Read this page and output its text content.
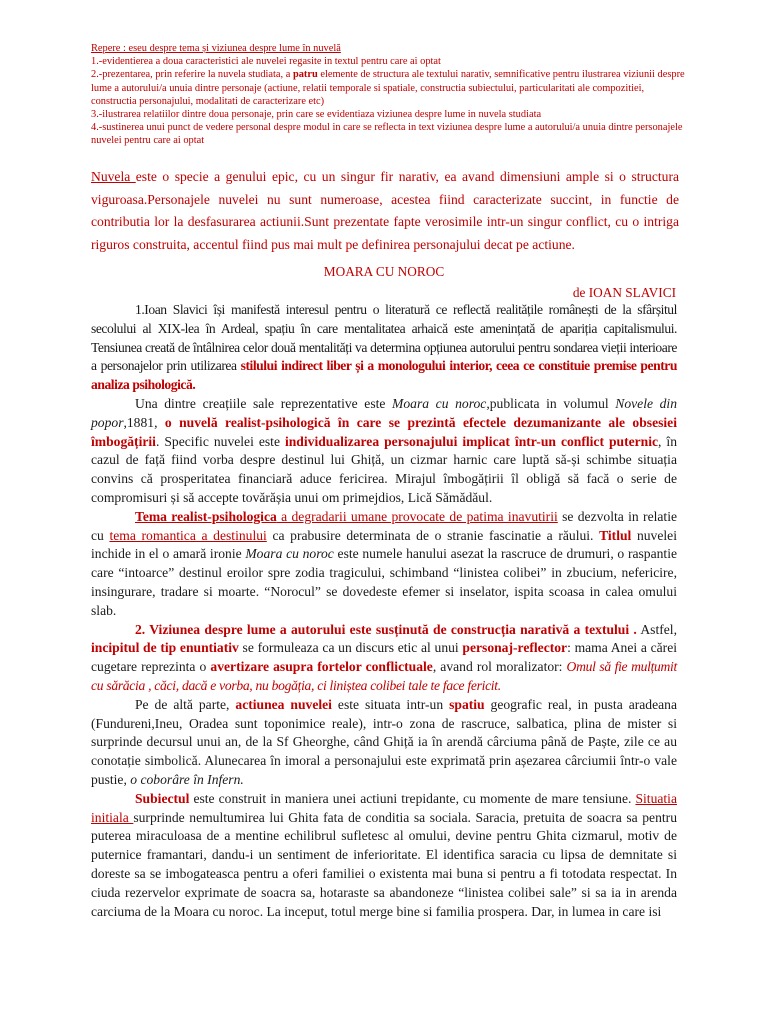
Repere : eseu despre tema și viziunea despre lume în nuvelă

1.-evidentierea a doua caracteristici ale nuvelei regasite in textul pentru care ai optat

2.-prezentarea, prin referire la nuvela studiata, a patru elemente de structura ale textului narativ, semnificative pentru ilustrarea viziunii despre lume a autorului/a unuia dintre personaje (actiune, relatii temporale si spatiale, constructia subiectului, particularitati ale compozitiei, constructia personajului, modalitati de caracterizare etc)

3.-ilustrarea relatiilor dintre doua personaje, prin care se evidentiaza viziunea despre lume in nuvela studiata

4.-sustinerea unui punct de vedere personal despre modul in care se reflecta in text viziunea despre lume a autorului/a unuia dintre personajele nuvelei pentru care ai optat

Nuvela este o specie a genului epic, cu un singur fir narativ, ea avand dimensiuni ample si o structura viguroasa.Personajele nuvelei nu sunt numeroase, acestea fiind caracterizate succint, in functie de contributia lor la desfasurarea actiunii.Sunt prezentate fapte verosimile intr-un singur conflict, cu o intriga riguros construita, accentul fiind pus mai mult pe definirea personajului decat pe actiune.

MOARA CU NOROC
de IOAN SLAVICI

1.Ioan Slavici își manifestă interesul pentru o literatură ce reflectă realitățile românești de la sfârșitul secolului al XIX-lea în Ardeal, spațiu în care mentalitatea arhaică este amenințată de apariția capitalismului. Tensiunea creată de întâlnirea celor două mentalități va determina opțiunea autorului pentru sondarea vieții interioare a personajelor prin utilizarea stilului indirect liber și a monologului interior, ceea ce constituie premise pentru analiza psihologică.

Una dintre creațiile sale reprezentative este Moara cu noroc,publicata in volumul Novele din popor,1881, o nuvelă realist-psihologică în care se prezintă efectele dezumanizante ale obsesiei îmbogățirii. Specific nuvelei este individualizarea personajului implicat într-un conflict puternic, în cazul de față fiind vorba despre destinul lui Ghiță, un cizmar harnic care luptă să-și schimbe situația convins că prosperitatea financiară aduce fericirea. Mirajul îmbogățirii îl obligă să facă o serie de compromisuri și să accepte tovărășia unui om primejdios, Lică Sămădăul.

Tema realist-psihologica a degradarii umane provocate de patima inavutirii se dezvolta in relatie cu tema romantica a destinului ca prabusire determinata de o stranie fascinatie a răului. Titlul nuvelei inchide in el o amară ironie Moara cu noroc este numele hanului asezat la rascruce de drumuri, o raspantie care “intoarce” destinul eroilor spre zodia tragicului, schimband “linistea colibei” in zbucium, nefericire, insingurare, tradare si moarte. “Norocul” se dovedeste efemer si inselator, ispita scoasa in calea omului slab.

2. Viziunea despre lume a autorului este susținută de construcția narativă a textului . Astfel, incipitul de tip enuntiativ se formuleaza ca un discurs etic al unui personaj-reflector: mama Anei a cărei cugetare reprezinta o avertizare asupra fortelor conflictuale, avand rol moralizator: Omul să fie mulțumit cu sărăcia , căci, dacă e vorba, nu bogăția, ci liniștea colibei tale te face fericit.

Pe de altă parte, actiunea nuvelei este situata intr-un spatiu geografic real, in pusta aradeana (Fundureni,Ineu, Oradea sunt toponimice reale), intr-o zona de rascruce, salbatica, plina de mister si surprinde decursul unui an, de la Sf Gheorghe, când Ghiță ia în arendă cârciuma până de Paște, zile ce au conotație simbolică. Alunecarea în imoral a personajului este exprimată prin așezarea cârciumii într-o vale pustie, o coborâre în Infern.

Subiectul este construit in maniera unei actiuni trepidante, cu momente de mare tensiune. Situatia initiala surprinde nemultumirea lui Ghita fata de conditia sa sociala. Saracia, pretuita de soacra sa pentru puterea miraculoasa de a mentine echilibrul sufletesc al omului, devine pentru Ghita cizmarul, motiv de puternice framantari, dandu-i un sentiment de inferioritate. El identifica saracia cu lipsa de demnitate si doreste sa se imbogateasca pentru a oferi familiei o existenta mai buna si pentru a fi totodata respectat. In ciuda rezervelor exprimate de soacra sa, hotaraste sa abandoneze “linistea colibei sale” si sa ia in arenda carciuma de la Moara cu noroc. La inceput, totul merge bine si familia prospera. Dar, in lumea in care isi
